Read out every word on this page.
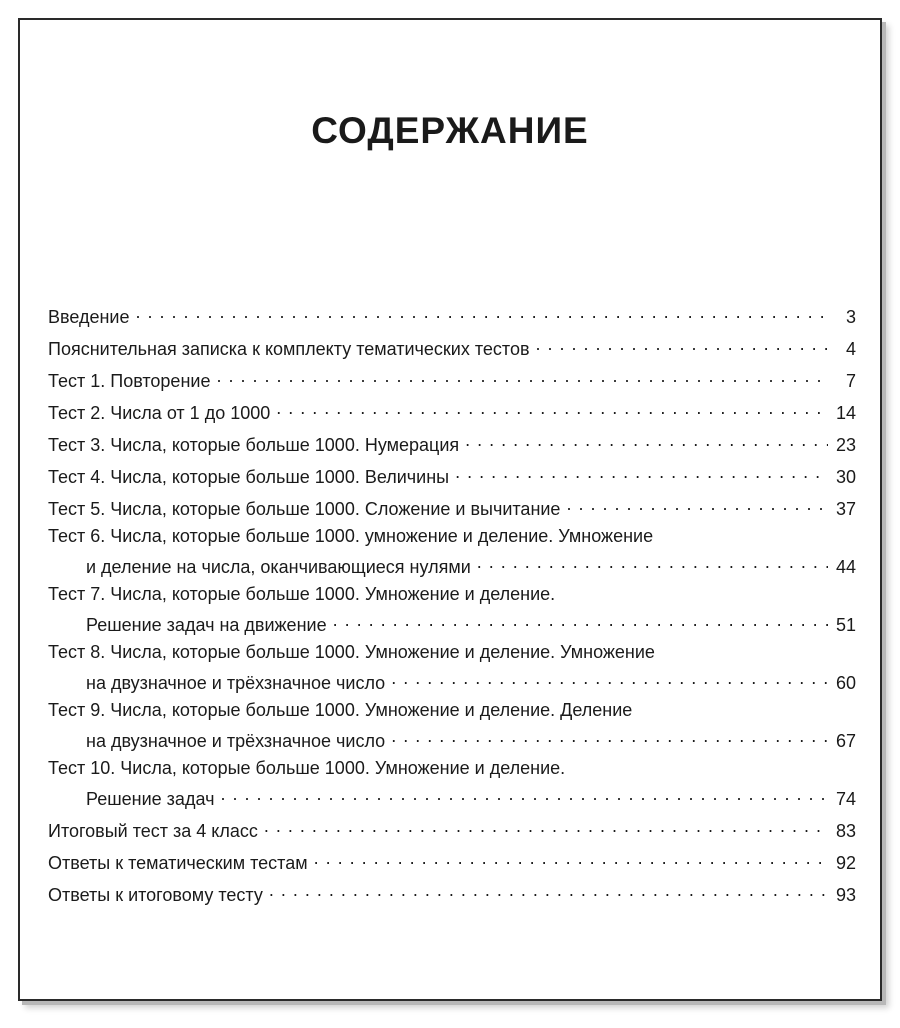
СОДЕРЖАНИЕ
Введение . . .	3
Пояснительная записка к комплекту тематических тестов . . .	4
Тест 1. Повторение . . .	7
Тест 2. Числа от 1 до 1000 . . .	14
Тест 3. Числа, которые больше 1000. Нумерация . . .	23
Тест 4. Числа, которые больше 1000. Величины . . .	30
Тест 5. Числа, которые больше 1000. Сложение и вычитание . . .	37
Тест 6. Числа, которые больше 1000. умножение и деление. Умножение
и деление на числа, оканчивающиеся нулями . . .	44
Тест 7. Числа, которые больше 1000. Умножение и деление.
Решение задач на движение . . .	51
Тест 8. Числа, которые больше 1000. Умножение и деление. Умножение
на двузначное и трёхзначное число . . .	60
Тест 9. Числа, которые больше 1000. Умножение и деление. Деление
на двузначное и трёхзначное число . . .	67
Тест 10. Числа, которые больше 1000. Умножение и деление.
Решение задач . . .	74
Итоговый тест за 4 класс . . .	83
Ответы к тематическим тестам . . .	92
Ответы к итоговому тесту . . .	93
